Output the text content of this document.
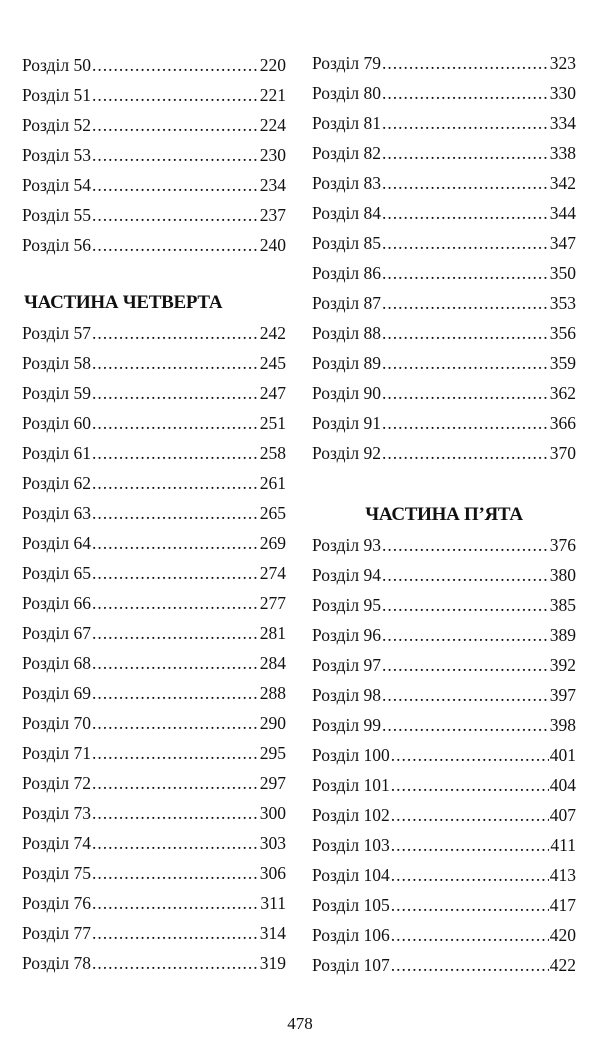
Розділ 50 .....	220
Розділ 51 .....	221
Розділ 52 .....	224
Розділ 53 .....	230
Розділ 54 .....	234
Розділ 55 .....	237
Розділ 56 .....	240
ЧАСТИНА ЧЕТВЕРТА
Розділ 57 .....	242
Розділ 58 .....	245
Розділ 59 .....	247
Розділ 60 .....	251
Розділ 61 .....	258
Розділ 62 .....	261
Розділ 63 .....	265
Розділ 64 .....	269
Розділ 65 .....	274
Розділ 66 .....	277
Розділ 67 .....	281
Розділ 68 .....	284
Розділ 69 .....	288
Розділ 70 .....	290
Розділ 71 .....	295
Розділ 72 .....	297
Розділ 73 .....	300
Розділ 74 .....	303
Розділ 75 .....	306
Розділ 76 .....	311
Розділ 77 .....	314
Розділ 78 .....	319
Розділ 79 .....	323
Розділ 80 .....	330
Розділ 81 .....	334
Розділ 82 .....	338
Розділ 83 .....	342
Розділ 84 .....	344
Розділ 85 .....	347
Розділ 86 .....	350
Розділ 87 .....	353
Розділ 88 .....	356
Розділ 89 .....	359
Розділ 90 .....	362
Розділ 91 .....	366
Розділ 92 .....	370
ЧАСТИНА П’ЯТА
Розділ 93 .....	376
Розділ 94 .....	380
Розділ 95 .....	385
Розділ 96 .....	389
Розділ 97 .....	392
Розділ 98 .....	397
Розділ 99 .....	398
Розділ 100 .....	401
Розділ 101 .....	404
Розділ 102 .....	407
Розділ 103 .....	411
Розділ 104 .....	413
Розділ 105 .....	417
Розділ 106 .....	420
Розділ 107 .....	422
478
